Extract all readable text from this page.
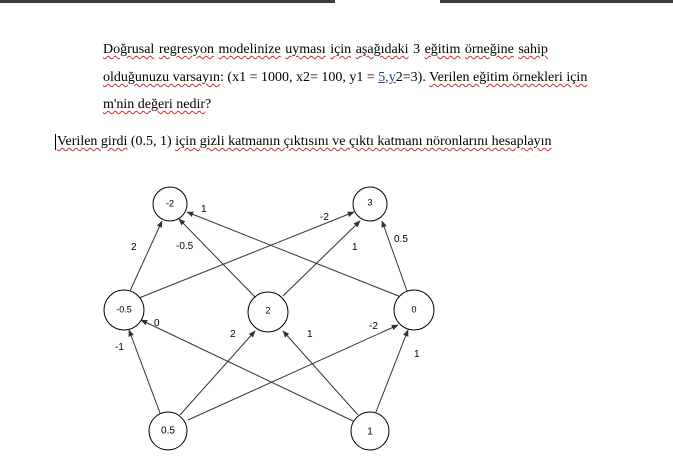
Doğrusal regresyon modelinize uyması için aşağıdaki 3 eğitim örneğine sahip
olduğunuzu varsayın: (x1 = 1000, x2= 100, y1 = 5,y2=3). Verilen eğitim örnekleri için
m'nin değeri nedir?
Verilen girdi (0.5, 1) için gizli katmanın çıktısını ve çıktı katmanı nöronlarını hesaplayın
-2	3
-0.5	2	0
0.5	1
2
-2
-0.5	1
1
0.5
-1
2
-2
0
1
1
